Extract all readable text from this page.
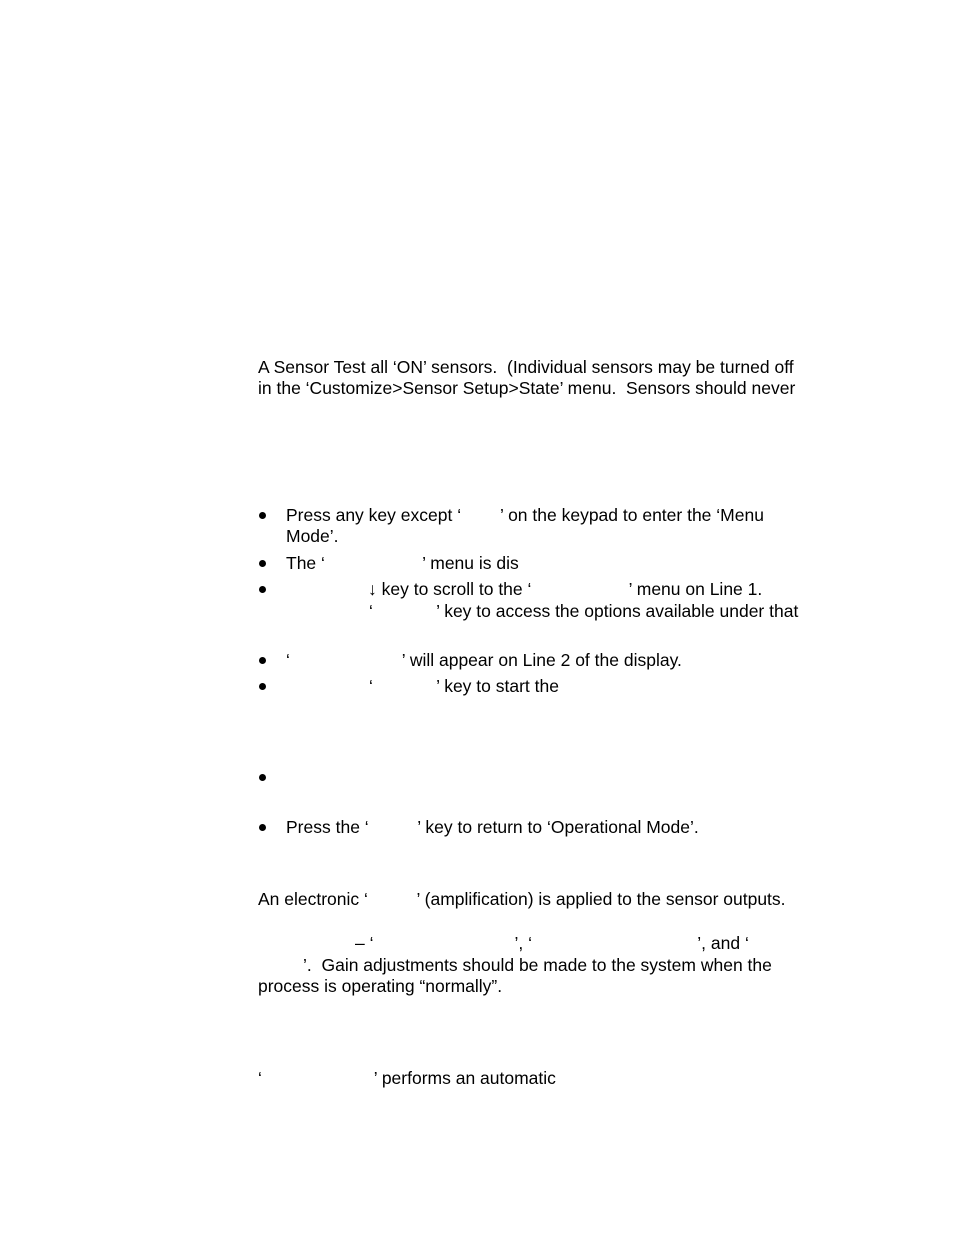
A Sensor Test all ‘ON’ sensors.  (Individual sensors may be turned off
in the ‘Customize>Sensor Setup>State’ menu.  Sensors should never
Press any key except ‘        ’ on the keypad to enter the ‘Menu
Mode’.
The ‘                    ’ menu is dis
↓ key to scroll to the ‘                    ’ menu on Line 1.
‘             ’ key to access the options available under that
‘                       ’ will appear on Line 2 of the display.
‘             ’ key to start the
Press the ‘          ’ key to return to ‘Operational Mode’.
An electronic ‘          ’ (amplification) is applied to the sensor outputs.
– ‘                             ’, ‘                                  ’, and ‘
’.  Gain adjustments should be made to the system when the
process is operating “normally”.
‘                       ’ performs an automatic
